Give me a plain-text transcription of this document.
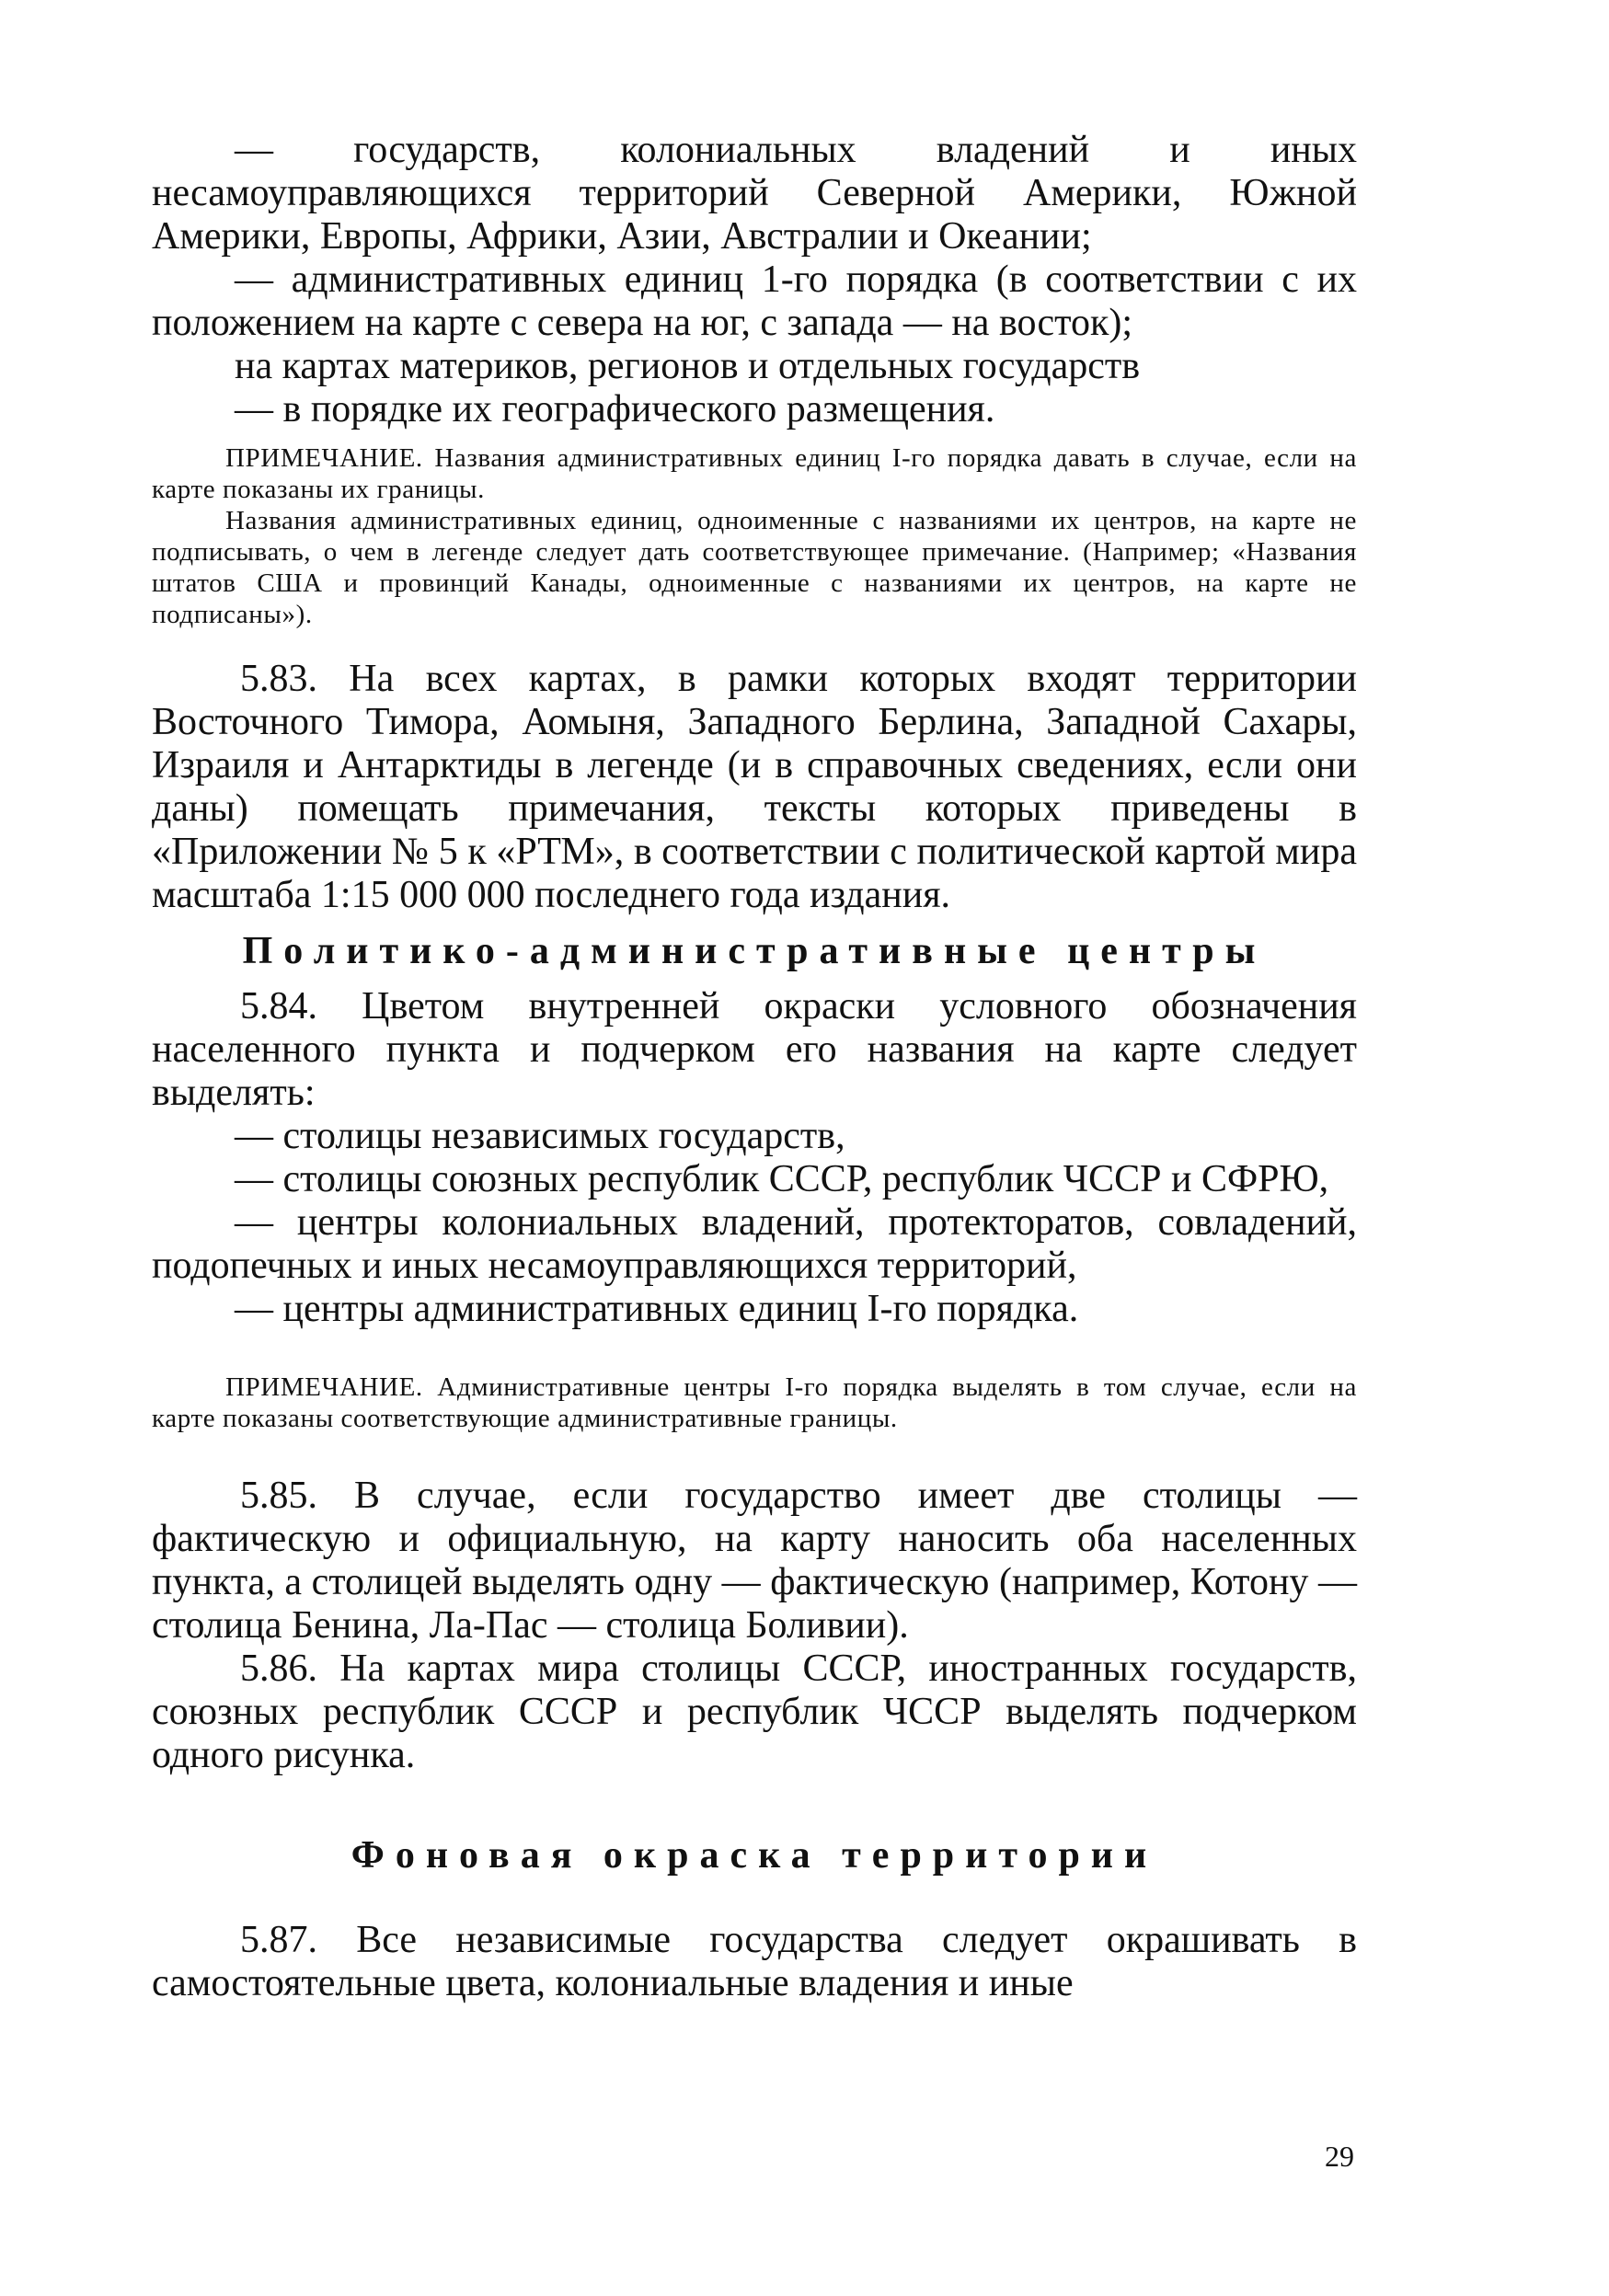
— государств, колониальных владений и иных несамоуправляющихся территорий Северной Америки, Южной Америки, Европы, Африки, Азии, Австралии и Океании;

— административных единиц 1-го порядка (в соответствии с их положением на карте с севера на юг, с запада — на восток);

на картах материков, регионов и отдельных государств

— в порядке их географического размещения.

ПРИМЕЧАНИЕ. Названия административных единиц I-го порядка давать в случае, если на карте показаны их границы.

Названия административных единиц, одноименные с названиями их центров, на карте не подписывать, о чем в легенде следует дать соответствующее примечание. (Например; «Названия штатов США и провинций Канады, одноименные с названиями их центров, на карте не подписаны»).

5.83. На всех картах, в рамки которых входят территории Восточного Тимора, Аомыня, Западного Берлина, Западной Сахары, Израиля и Антарктиды в легенде (и в справочных сведениях, если они даны) помещать примечания, тексты которых приведены в «Приложении № 5 к «РТМ», в соответствии с политической картой мира масштаба 1:15 000 000 последнего года издания.

Политико-административные центры

5.84. Цветом внутренней окраски условного обозначения населенного пункта и подчерком его названия на карте следует выделять:

— столицы независимых государств,

— столицы союзных республик СССР, республик ЧССР и СФРЮ,

— центры колониальных владений, протекторатов, совладений, подопечных и иных несамоуправляющихся территорий,

— центры административных единиц I-го порядка.

ПРИМЕЧАНИЕ. Административные центры I-го порядка выделять в том случае, если на карте показаны соответствующие административные границы.

5.85. В случае, если государство имеет две столицы — фактическую и официальную, на карту наносить оба населенных пункта, а столицей выделять одну — фактическую (например, Котону — столица Бенина, Ла-Пас — столица Боливии).

5.86. На картах мира столицы СССР, иностранных государств, союзных республик СССР и республик ЧССР выделять подчерком одного рисунка.

Фоновая окраска территории

5.87. Все независимые государства следует окрашивать в самостоятельные цвета, колониальные владения и иные

29
